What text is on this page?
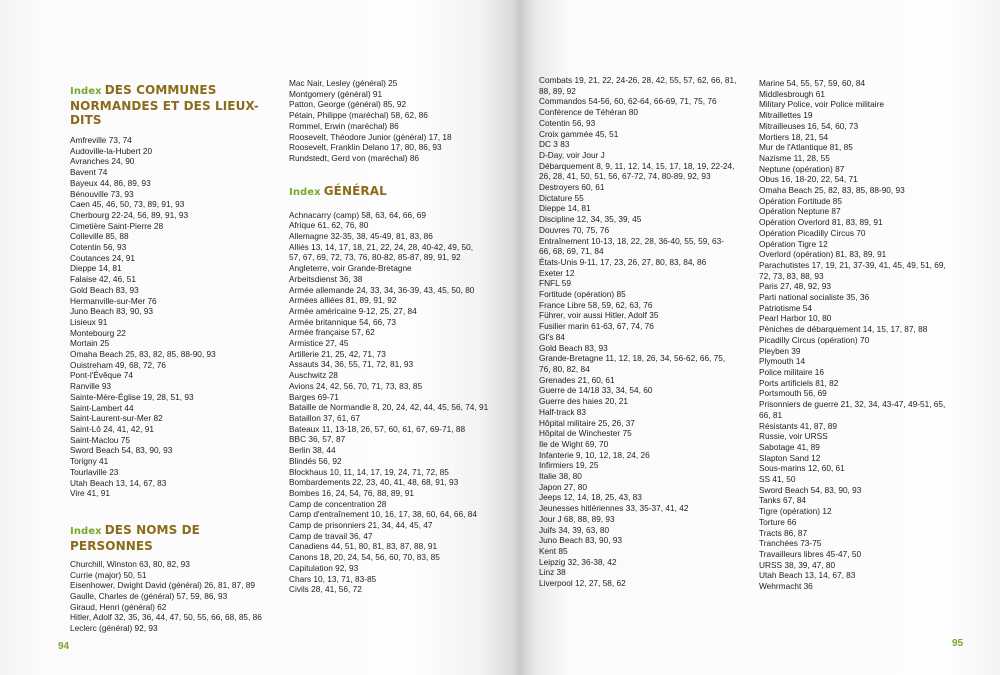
Index DES COMMUNES
NORMANDES ET DES LIEUX-DITS
Amfreville 73, 74
Audoville-la-Hubert 20
Avranches 24, 90
Bavent 74
Bayeux 44, 86, 89, 93
Bénouville 73, 93
Caen 45, 46, 50, 73, 89, 91, 93
Cherbourg 22-24, 56, 89, 91, 93
Cimetière Saint-Pierre 28
Colleville 85, 88
Cotentin 56, 93
Coutances 24, 91
Dieppe 14, 81
Falaise 42, 46, 51
Gold Beach 83, 93
Hermanville-sur-Mer 76
Juno Beach 83, 90, 93
Lisieux 91
Montebourg 22
Mortain 25
Omaha Beach 25, 83, 82, 85, 88-90, 93
Ouistreham 49, 68, 72, 76
Pont-l'Évêque 74
Ranville 93
Sainte-Mère-Église 19, 28, 51, 93
Saint-Lambert 44
Saint-Laurent-sur-Mer 82
Saint-Lô 24, 41, 42, 91
Saint-Maclou 75
Sword Beach 54, 83, 90, 93
Torigny 41
Tourlaville 23
Utah Beach 13, 14, 67, 83
Vire 41, 91
Index DES NOMS DE PERSONNES
Churchill, Winston 63, 80, 82, 93
Currie (major) 50, 51
Eisenhower, Dwight David (général) 26, 81, 87, 89
Gaulle, Charles de (général) 57, 59, 86, 93
Giraud, Henri (général) 62
Hitler, Adolf 32, 35, 36, 44, 47, 50, 55, 66, 68, 85, 86
Leclerc (général) 92, 93
Mac Nair, Lesley (général) 25
Montgomery (général) 91
Patton, George (général) 85, 92
Pétain, Philippe (maréchal) 58, 62, 86
Rommel, Erwin (maréchal) 86
Roosevelt, Théodore Junior (général) 17, 18
Roosevelt, Franklin Delano 17, 80, 86, 93
Rundstedt, Gerd von (maréchal) 86
Index GÉNÉRAL
Achnacarry (camp) 58, 63, 64, 66, 69
Afrique 61, 62, 76, 80
Allemagne 32-35, 38, 45-49, 81, 83, 86
Alliés 13, 14, 17, 18, 21, 22, 24, 28, 40-42, 49, 50,
57, 67, 69, 72, 73, 76, 80-82, 85-87, 89, 91, 92
Angleterre, voir Grande-Bretagne
Arbeitsdienst 36, 38
Armée allemande 24, 33, 34, 36-39, 43, 45, 50, 80
Armées alliées 81, 89, 91, 92
Armée américaine 9-12, 25, 27, 84
Armée britannique 54, 66, 73
Armée française 57, 62
Armistice 27, 45
Artillerie 21, 25, 42, 71, 73
Assauts 34, 36, 55, 71, 72, 81, 93
Auschwitz 28
Avions 24, 42, 56, 70, 71, 73, 83, 85
Barges 69-71
Bataille de Normandie 8, 20, 24, 42, 44, 45, 56, 74, 91
Bataillon 37, 61, 67
Bateaux 11, 13-18, 26, 57, 60, 61, 67, 69-71, 88
BBC 36, 57, 87
Berlin 38, 44
Blindés 56, 92
Blockhaus 10, 11, 14, 17, 19, 24, 71, 72, 85
Bombardements 22, 23, 40, 41, 48, 68, 91, 93
Bombes 16, 24, 54, 76, 88, 89, 91
Camp de concentration 28
Camp d'entraînement 10, 16, 17, 38, 60, 64, 66, 84
Camp de prisonniers 21, 34, 44, 45, 47
Camp de travail 36, 47
Canadiens 44, 51, 80, 81, 83, 87, 88, 91
Canons 18, 20, 24, 54, 56, 60, 70, 83, 85
Capitulation 92, 93
Chars 10, 13, 71, 83-85
Civils 28, 41, 56, 72
94
Combats 19, 21, 22, 24-26, 28, 42, 55, 57, 62, 66, 81,
88, 89, 92
Commandos 54-56, 60, 62-64, 66-69, 71, 75, 76
Conférence de Téhéran 80
Cotentin 56, 93
Croix gammée 45, 51
DC 3 83
D-Day, voir Jour J
Débarquement 8, 9, 11, 12, 14, 15, 17, 18, 19, 22-24,
26, 28, 41, 50, 51, 56, 67-72, 74, 80-89, 92, 93
Destroyers 60, 61
Dictature 55
Dieppe 14, 81
Discipline 12, 34, 35, 39, 45
Douvres 70, 75, 76
Entraînement 10-13, 18, 22, 28, 36-40, 55, 59, 63-
66, 68, 69, 71, 84
États-Unis 9-11, 17, 23, 26, 27, 80, 83, 84, 86
Exeter 12
FNFL 59
Fortitude (opération) 85
France Libre 58, 59, 62, 63, 76
Führer, voir aussi Hitler, Adolf 35
Fusilier marin 61-63, 67, 74, 76
GI's 84
Gold Beach 83, 93
Grande-Bretagne 11, 12, 18, 26, 34, 56-62, 66, 75,
76, 80, 82, 84
Grenades 21, 60, 61
Guerre de 14/18 33, 34, 54, 60
Guerre des haies 20, 21
Half-track 83
Hôpital militaire 25, 26, 37
Hôpital de Winchester 75
Ile de Wight 69, 70
Infanterie 9, 10, 12, 18, 24, 26
Infirmiers 19, 25
Italie 38, 80
Japon 27, 80
Jeeps 12, 14, 18, 25, 43, 83
Jeunesses hitlériennes 33, 35-37, 41, 42
Jour J 68, 88, 89, 93
Juifs 34, 39, 63, 80
Juno Beach 83, 90, 93
Kent 85
Leipzig 32, 36-38, 42
Linz 38
Liverpool 12, 27, 58, 62
Marine 54, 55, 57, 59, 60, 84
Middlesbrough 61
Military Police, voir Police militaire
Mitraillettes 19
Mitrailleuses 16, 54, 60, 73
Mortiers 18, 21, 54
Mur de l'Atlantique 81, 85
Nazisme 11, 28, 55
Neptune (opération) 87
Obus 16, 18-20, 22, 54, 71
Omaha Beach 25, 82, 83, 85, 88-90, 93
Opération Fortitude 85
Opération Neptune 87
Opération Overlord 81, 83, 89, 91
Opération Picadilly Circus 70
Opération Tigre 12
Overlord (opération) 81, 83, 89, 91
Parachutistes 17, 19, 21, 37-39, 41, 45, 49, 51, 69,
72, 73, 83, 88, 93
Paris 27, 48, 92, 93
Parti national socialiste 35, 36
Patriotisme 54
Pearl Harbor 10, 80
Péniches de débarquement 14, 15, 17, 87, 88
Picadilly Circus (opération) 70
Pleyben 39
Plymouth 14
Police militaire 16
Ports artificiels 81, 82
Portsmouth 56, 69
Prisonniers de guerre 21, 32, 34, 43-47, 49-51, 65,
66, 81
Résistants 41, 87, 89
Russie, voir URSS
Sabotage 41, 89
Slapton Sand 12
Sous-marins 12, 60, 61
SS 41, 50
Sword Beach 54, 83, 90, 93
Tanks 67, 84
Tigre (opération) 12
Torture 66
Tracts 86, 87
Tranchées 73-75
Travailleurs libres 45-47, 50
URSS 38, 39, 47, 80
Utah Beach 13, 14, 67, 83
Wehrmacht 36
95
